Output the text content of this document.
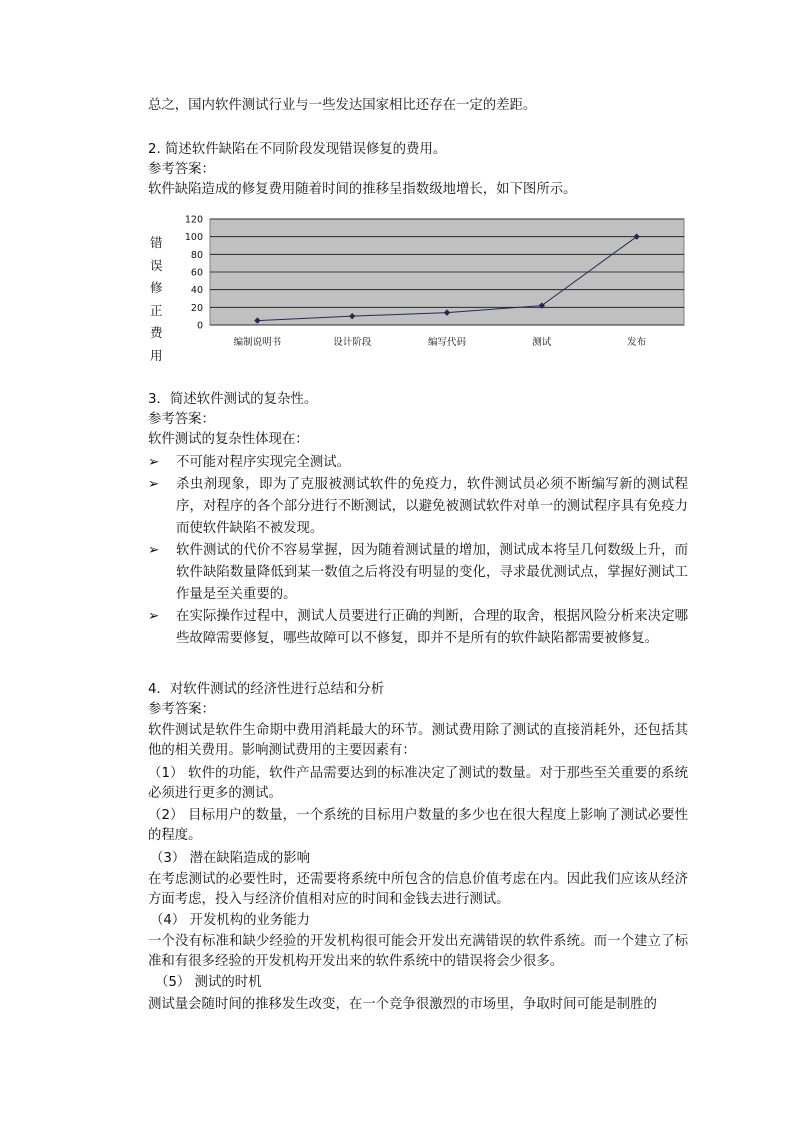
总之，国内软件测试行业与一些发达国家相比还存在一定的差距。
2. 简述软件缺陷在不同阶段发现错误修复的费用。
参考答案：
软件缺陷造成的修复费用随着时间的推移呈指数级地增长，如下图所示。
错
误
修
正
费
用
120
100
80
60
40
20
0
编制说明书	设计阶段	编写代码	测试	发布
3．简述软件测试的复杂性。
参考答案：
软件测试的复杂性体现在：
➢	不可能对程序实现完全测试。
➢	杀虫剂现象，即为了克服被测试软件的免疫力，软件测试员必须不断编写新的测试程序，对程序的各个部分进行不断测试，以避免被测试软件对单一的测试程序具有免疫力而使软件缺陷不被发现。
➢	软件测试的代价不容易掌握，因为随着测试量的增加，测试成本将呈几何数级上升，而软件缺陷数量降低到某一数值之后将没有明显的变化，寻求最优测试点，掌握好测试工作量是至关重要的。
➢	在实际操作过程中，测试人员要进行正确的判断，合理的取舍，根据风险分析来决定哪些故障需要修复，哪些故障可以不修复，即并不是所有的软件缺陷都需要被修复。
4．对软件测试的经济性进行总结和分析
参考答案：
软件测试是软件生命期中费用消耗最大的环节。测试费用除了测试的直接消耗外，还包括其他的相关费用。影响测试费用的主要因素有：
（1） 软件的功能，软件产品需要达到的标准决定了测试的数量。对于那些至关重要的系统必须进行更多的测试。
（2） 目标用户的数量，一个系统的目标用户数量的多少也在很大程度上影响了测试必要性的程度。
（3） 潜在缺陷造成的影响
在考虑测试的必要性时，还需要将系统中所包含的信息价值考虑在内。因此我们应该从经济方面考虑，投入与经济价值相对应的时间和金钱去进行测试。
（4） 开发机构的业务能力
一个没有标准和缺少经验的开发机构很可能会开发出充满错误的软件系统。而一个建立了标准和有很多经验的开发机构开发出来的软件系统中的错误将会少很多。
（5） 测试的时机
测试量会随时间的推移发生改变，在一个竞争很激烈的市场里，争取时间可能是制胜的
